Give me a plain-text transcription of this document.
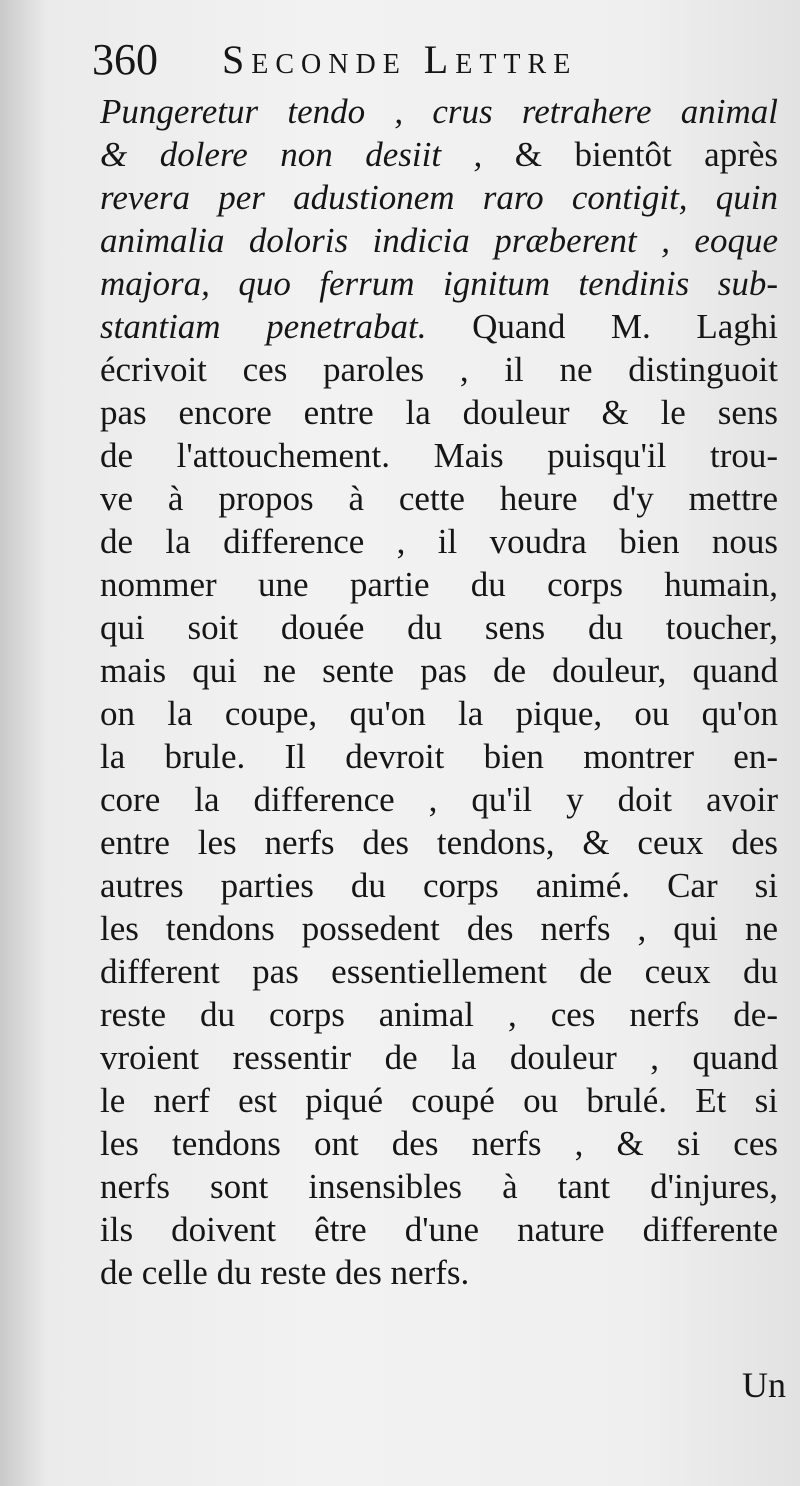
360 Seconde Lettre
Pungeretur tendo , crus retrahere animal
& dolere non desiit , & bientôt après
revera per adustionem raro contigit, quin
animalia doloris indicia præberent , eoque
majora, quo ferrum ignitum tendinis sub-
stantiam penetrabat. Quand M. Laghi
écrivoit ces paroles , il ne distinguoit
pas encore entre la douleur & le sens
de l'attouchement. Mais puisqu'il trou-
ve à propos à cette heure d'y mettre
de la difference , il voudra bien nous
nommer une partie du corps humain,
qui soit douée du sens du toucher,
mais qui ne sente pas de douleur, quand
on la coupe, qu'on la pique, ou qu'on
la brule. Il devroit bien montrer en-
core la difference , qu'il y doit avoir
entre les nerfs des tendons, & ceux des
autres parties du corps animé. Car si
les tendons possedent des nerfs , qui ne
different pas essentiellement de ceux du
reste du corps animal , ces nerfs de-
vroient ressentir de la douleur , quand
le nerf est piqué coupé ou brulé. Et si
les tendons ont des nerfs , & si ces
nerfs sont insensibles à tant d'injures,
ils doivent être d'une nature differente
de celle du reste des nerfs.
Un
